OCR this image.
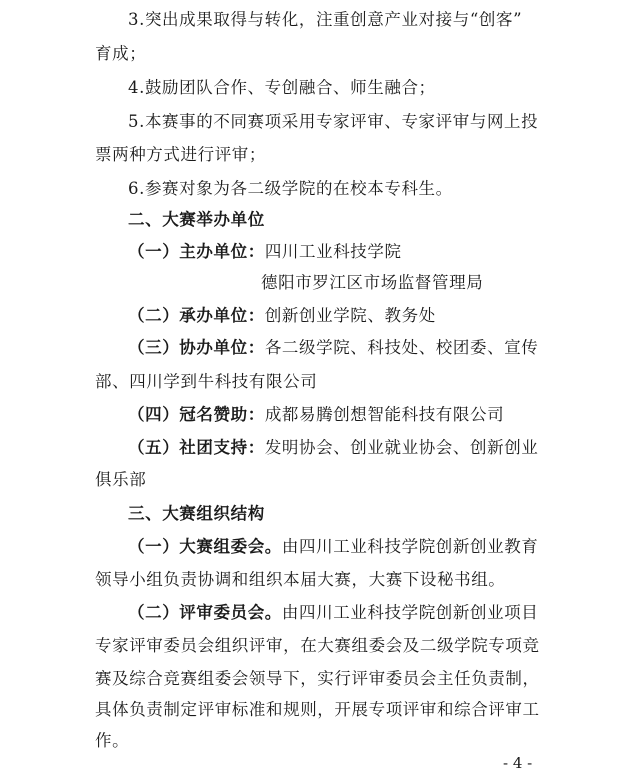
3.突出成果取得与转化，注重创意产业对接与“创客”
育成；
4.鼓励团队合作、专创融合、师生融合；
5.本赛事的不同赛项采用专家评审、专家评审与网上投
票两种方式进行评审；
6.参赛对象为各二级学院的在校本专科生。
二、大赛举办单位
（一）主办单位：四川工业科技学院
德阳市罗江区市场监督管理局
（二）承办单位：创新创业学院、教务处
（三）协办单位：各二级学院、科技处、校团委、宣传
部、四川学到牛科技有限公司
（四）冠名赞助：成都易腾创想智能科技有限公司
（五）社团支持：发明协会、创业就业协会、创新创业
俱乐部
三、大赛组织结构
（一）大赛组委会。由四川工业科技学院创新创业教育
领导小组负责协调和组织本届大赛，大赛下设秘书组。
（二）评审委员会。由四川工业科技学院创新创业项目
专家评审委员会组织评审，在大赛组委会及二级学院专项竞
赛及综合竞赛组委会领导下，实行评审委员会主任负责制，
具体负责制定评审标准和规则，开展专项评审和综合评审工
作。
- 4 -
